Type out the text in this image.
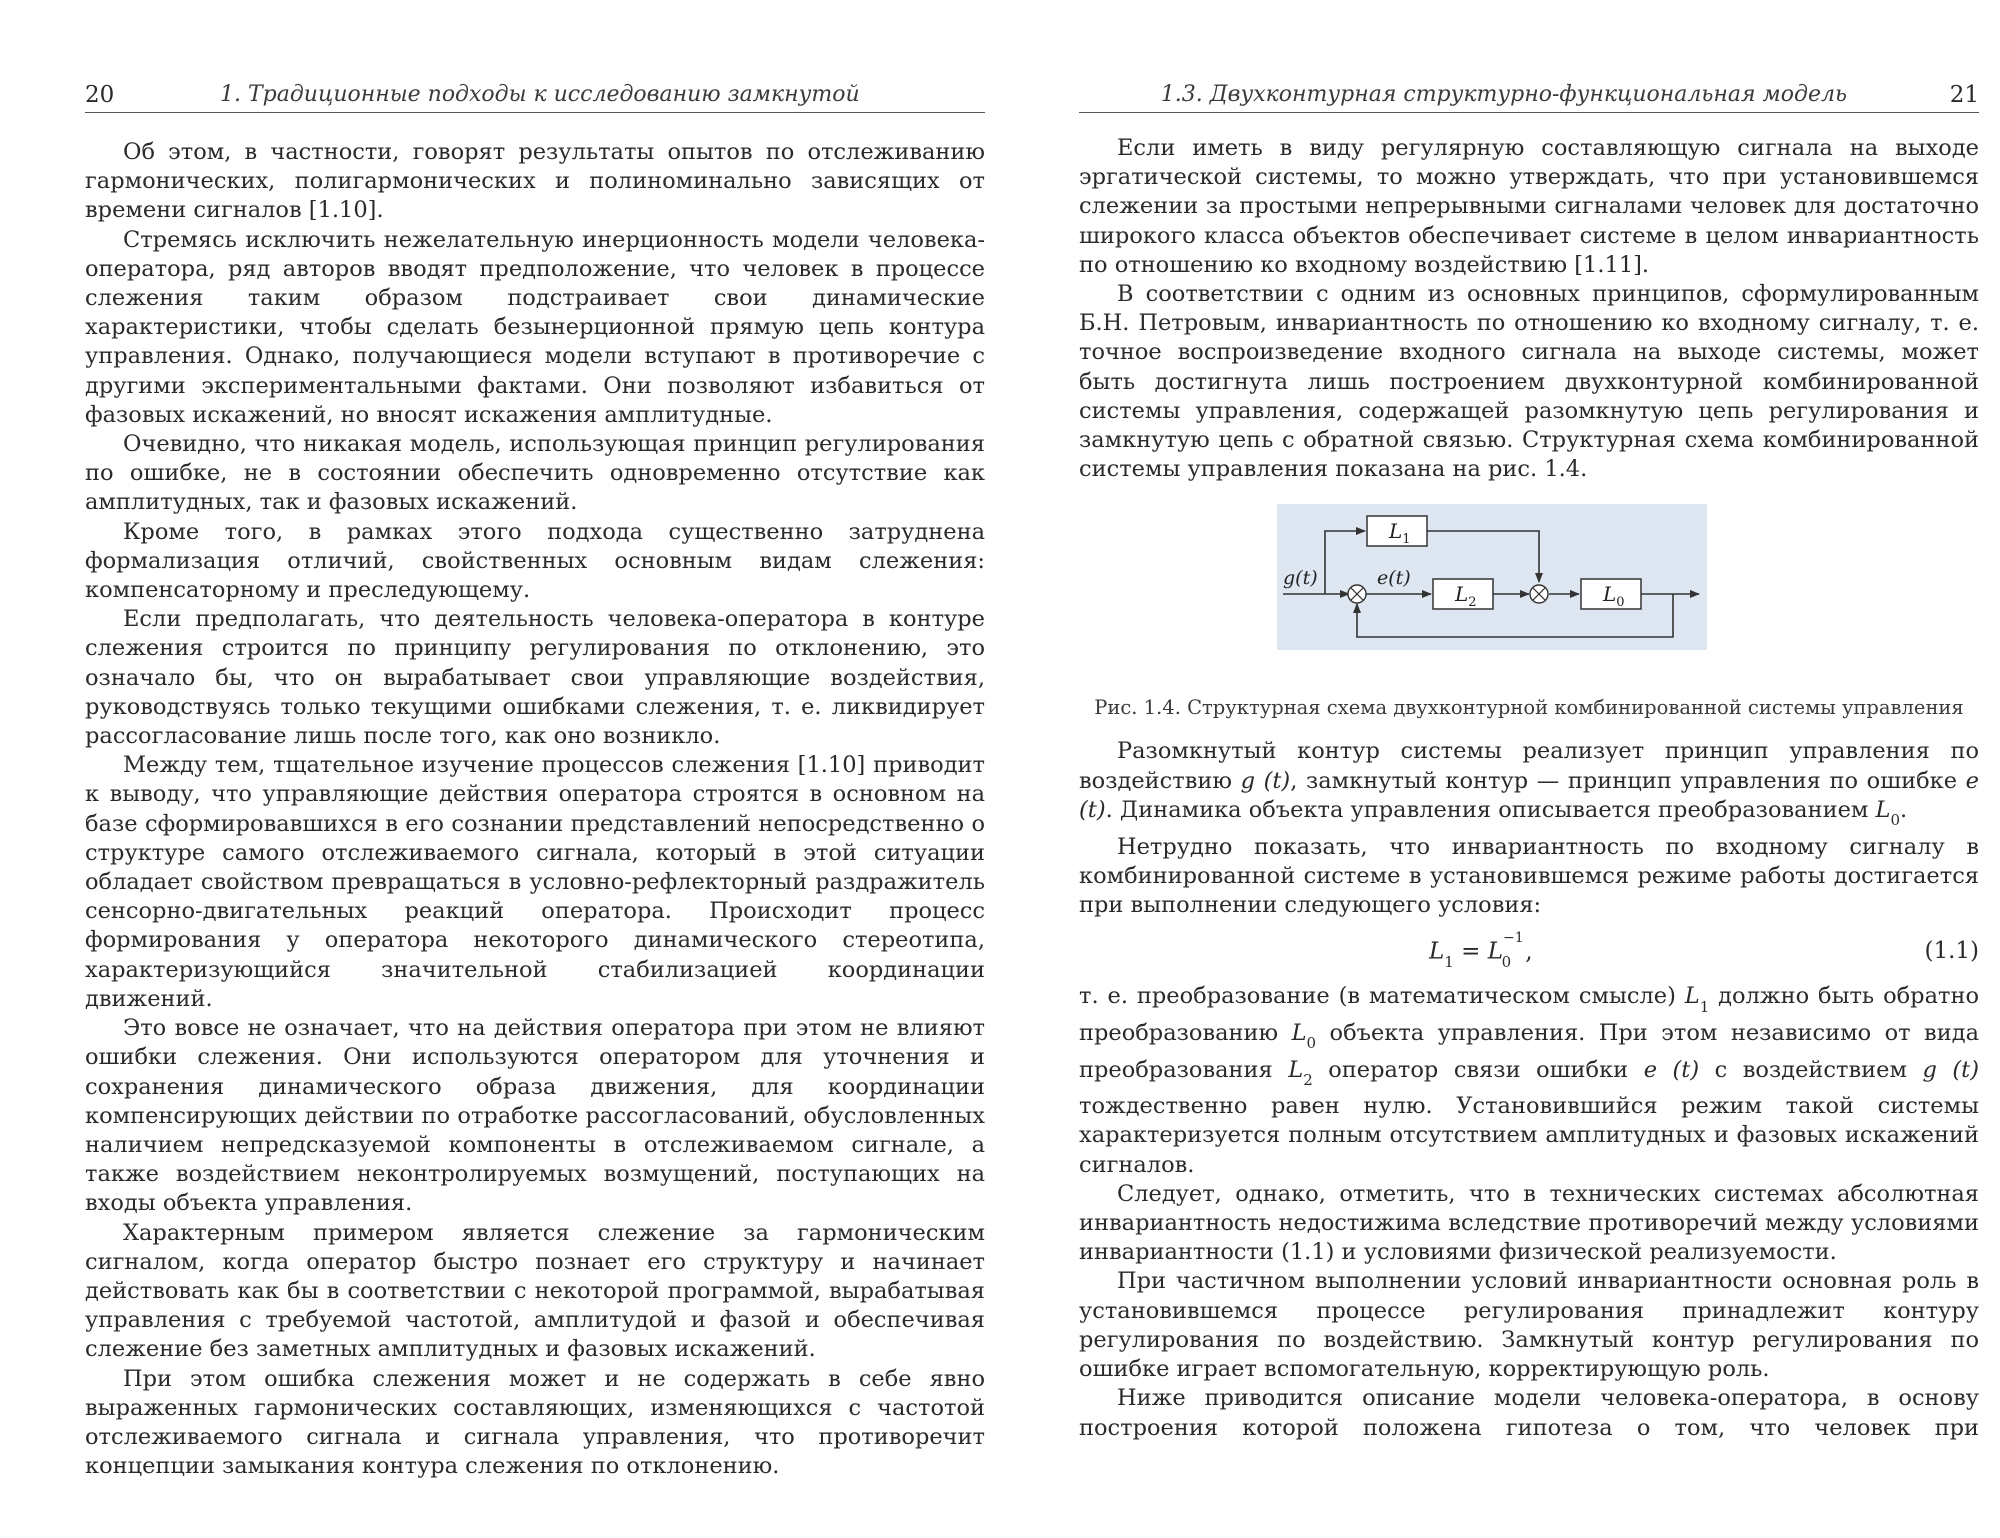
20	1. Традиционные подходы к исследованию замкнутой

Об этом, в частности, говорят результаты опытов по отслеживанию гармонических, полигармонических и полиноминально зависящих от времени сигналов [1.10].

Стремясь исключить нежелательную инерционность модели человека-оператора, ряд авторов вводят предположение, что человек в процессе слежения таким образом подстраивает свои динамические характеристики, чтобы сделать безынерционной прямую цепь контура управления. Однако, получающиеся модели вступают в противоречие с другими экспериментальными фактами. Они позволяют избавиться от фазовых искажений, но вносят искажения амплитудные.

Очевидно, что никакая модель, использующая принцип регулирования по ошибке, не в состоянии обеспечить одновременно отсутствие как амплитудных, так и фазовых искажений.

Кроме того, в рамках этого подхода существенно затруднена формализация отличий, свойственных основным видам слежения: компенсаторному и преследующему.

Если предполагать, что деятельность человека-оператора в контуре слежения строится по принципу регулирования по отклонению, это означало бы, что он вырабатывает свои управляющие воздействия, руководствуясь только текущими ошибками слежения, т. е. ликвидирует рассогласование лишь после того, как оно возникло.

Между тем, тщательное изучение процессов слежения [1.10] приводит к выводу, что управляющие действия оператора строятся в основном на базе сформировавшихся в его сознании представлений непосредственно о структуре самого отслеживаемого сигнала, который в этой ситуации обладает свойством превращаться в условно-рефлекторный раздражитель сенсорно-двигательных реакций оператора. Происходит процесс формирования у оператора некоторого динамического стереотипа, характеризующийся значительной стабилизацией координации движений.

Это вовсе не означает, что на действия оператора при этом не влияют ошибки слежения. Они используются оператором для уточнения и сохранения динамического образа движения, для координации компенсирующих действии по отработке рассогласований, обусловленных наличием непредсказуемой компоненты в отслеживаемом сигнале, а также воздействием неконтролируемых возмущений, поступающих на входы объекта управления.

Характерным примером является слежение за гармоническим сигналом, когда оператор быстро познает его структуру и начинает действовать как бы в соответствии с некоторой программой, вырабатывая управления с требуемой частотой, амплитудой и фазой и обеспечивая слежение без заметных амплитудных и фазовых искажений.

При этом ошибка слежения может и не содержать в себе явно выраженных гармонических составляющих, изменяющихся с частотой отслеживаемого сигнала и сигнала управления, что противоречит концепции замыкания контура слежения по отклонению.

1.3. Двухконтурная структурно-функциональная модель	21

Если иметь в виду регулярную составляющую сигнала на выходе эргатической системы, то можно утверждать, что при установившемся слежении за простыми непрерывными сигналами человек для достаточно широкого класса объектов обеспечивает системе в целом инвариантность по отношению ко входному воздействию [1.11].

В соответствии с одним из основных принципов, сформулированным Б.Н. Петровым, инвариантность по отношению ко входному сигналу, т. е. точное воспроизведение входного сигнала на выходе системы, может быть достигнута лишь построением двухконтурной комбинированной системы управления, содержащей разомкнутую цепь регулирования и замкнутую цепь с обратной связью. Структурная схема комбинированной системы управления показана на рис. 1.4.

$L_1$
$L_2$	$L_0$
g(t)	e(t)
Рис. 1.4. Структурная схема двухконтурной комбинированной системы управления

Разомкнутый контур системы реализует принцип управления по воздействию g (t), замкнутый контур — принцип управления по ошибке e (t). Динамика объекта управления описывается преобразованием $L_0$.

Нетрудно показать, что инвариантность по входному сигналу в комбинированной системе в установившемся режиме работы достигается при выполнении следующего условия:

$L_1 = L^{-1}_0$ ,	(1.1)

т. е. преобразование (в математическом смысле) $L_1$ должно быть обратно преобразованию $L_0$ объекта управления. При этом независимо от вида преобразования $L_2$ оператор связи ошибки e (t) с воздействием g (t) тождественно равен нулю. Установившийся режим такой системы характеризуется полным отсутствием амплитудных и фазовых искажений сигналов.

Следует, однако, отметить, что в технических системах абсолютная инвариантность недостижима вследствие противоречий между условиями инвариантности (1.1) и условиями физической реализуемости.

При частичном выполнении условий инвариантности основная роль в установившемся процессе регулирования принадлежит контуру регулирования по воздействию. Замкнутый контур регулирования по ошибке играет вспомогательную, корректирующую роль.

Ниже приводится описание модели человека-оператора, в основу построения которой положена гипотеза о том, что человек при
